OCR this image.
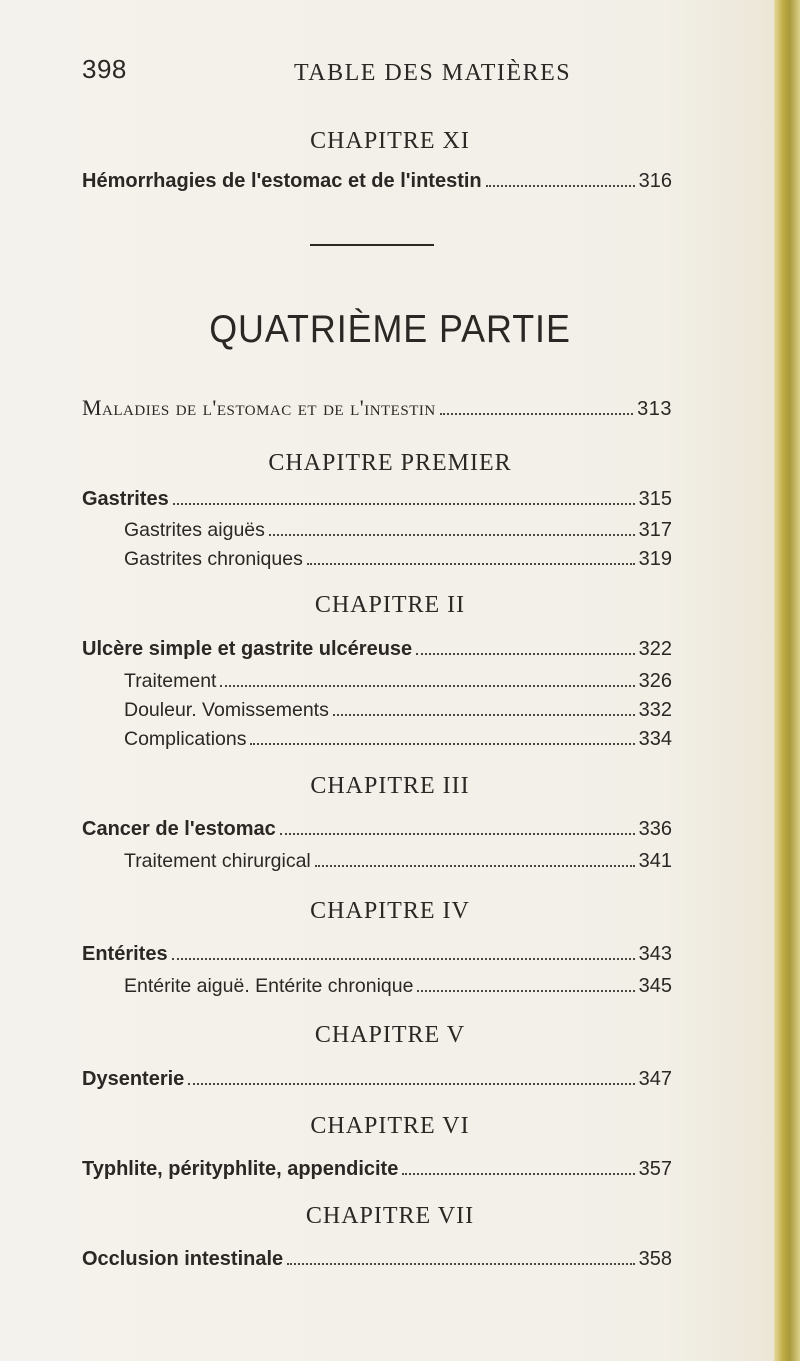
398	TABLE DES MATIÈRES
CHAPITRE XI
Hémorrhagies de l'estomac et de l'intestin	316
QUATRIÈME PARTIE
Maladies de l'estomac et de l'intestin	313
CHAPITRE PREMIER
Gastrites	315
Gastrites aiguës	317
Gastrites chroniques	319
CHAPITRE II
Ulcère simple et gastrite ulcéreuse	322
Traitement	326
Douleur. Vomissements	332
Complications	334
CHAPITRE III
Cancer de l'estomac	336
Traitement chirurgical	341
CHAPITRE IV
Entérites	343
Entérite aiguë. Entérite chronique	345
CHAPITRE V
Dysenterie	347
CHAPITRE VI
Typhlite, pérityphlite, appendicite	357
CHAPITRE VII
Occlusion intestinale	358
